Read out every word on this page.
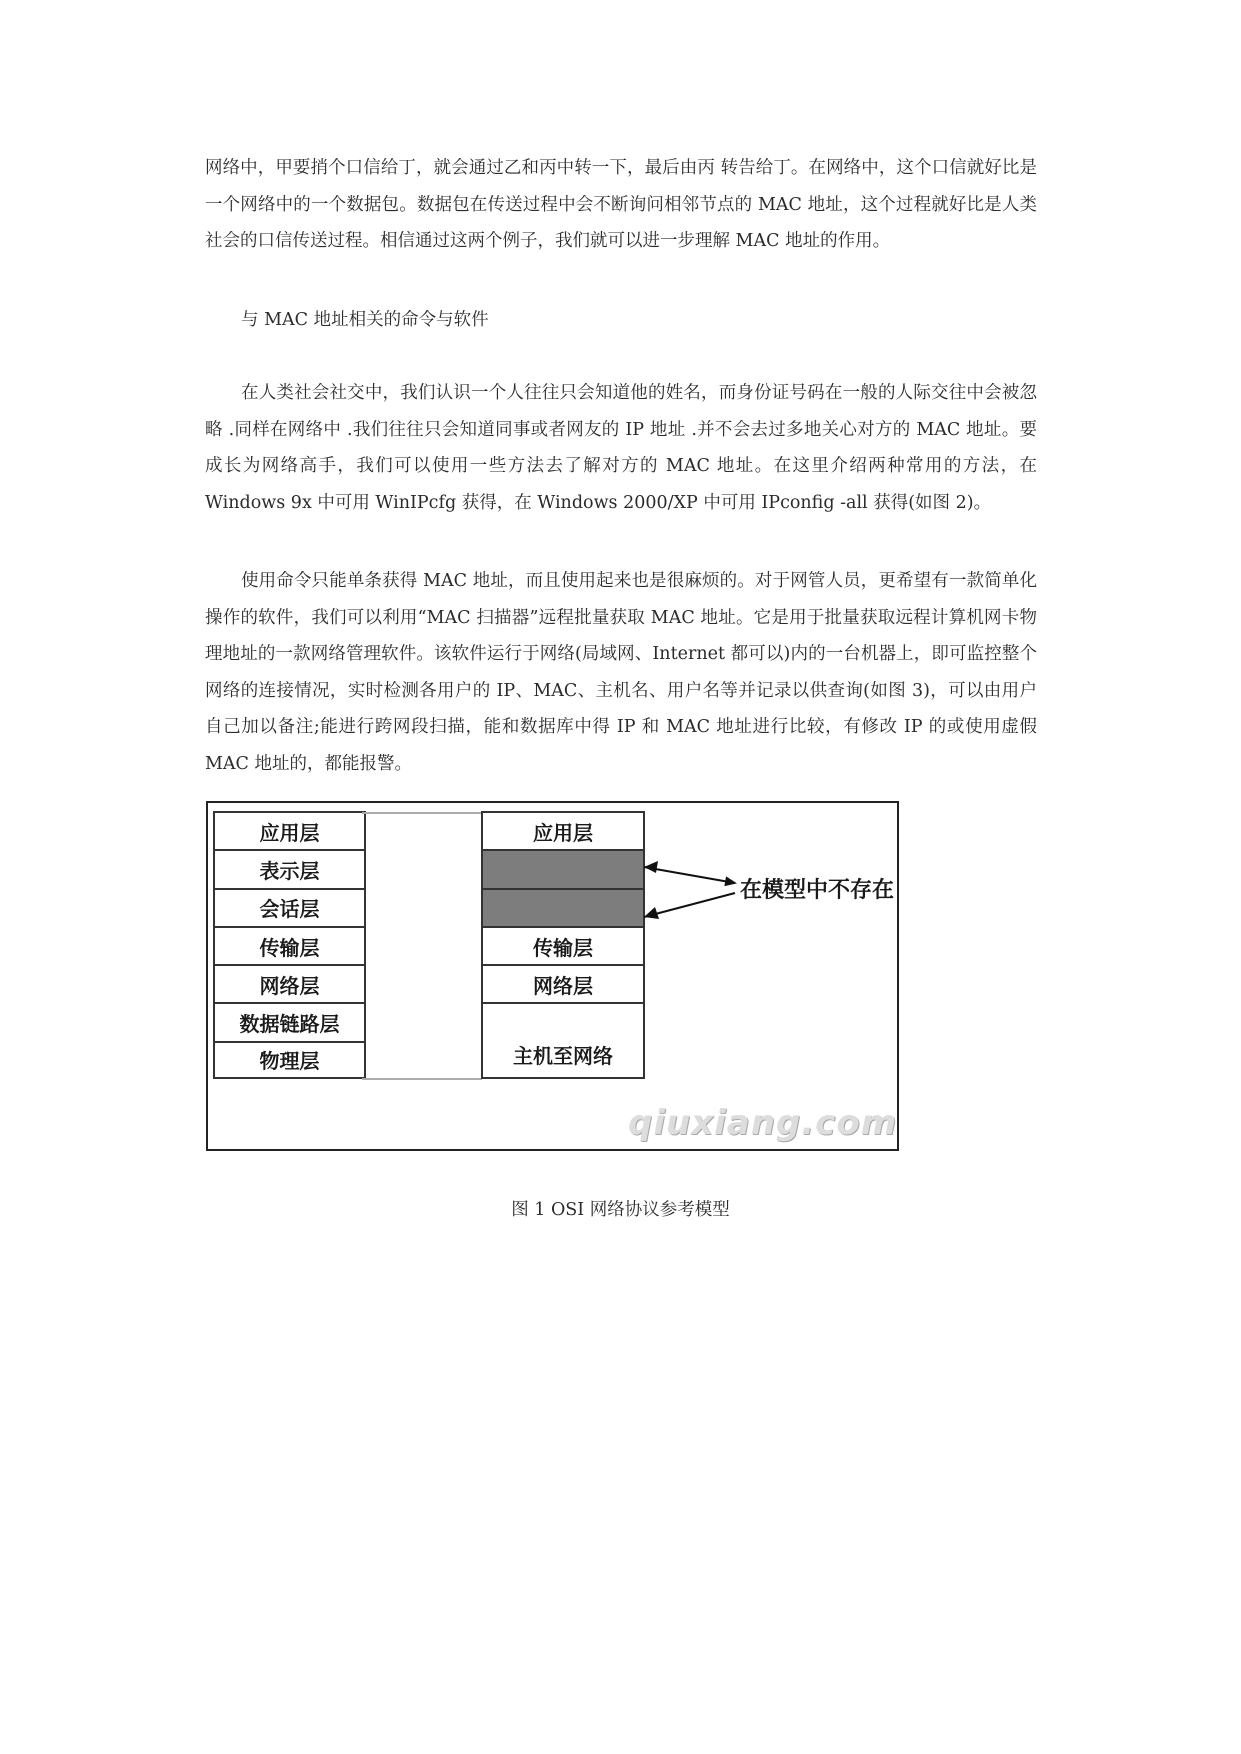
网络中，甲要捎个口信给丁，就会通过乙和丙中转一下，最后由丙 转告给丁。在网络中，这个口信就好比是一个网络中的一个数据包。数据包在传送过程中会不断询问相邻节点的 MAC 地址，这个过程就好比是人类社会的口信传送过程。相信通过这两个例子，我们就可以进一步理解 MAC 地址的作用。

与 MAC 地址相关的命令与软件

在人类社会社交中，我们认识一个人往往只会知道他的姓名，而身份证号码在一般的人际交往中会被忽略 .同样在网络中 .我们往往只会知道同事或者网友的 IP 地址 .并不会去过多地关心对方的 MAC 地址。要成长为网络高手，我们可以使用一些方法去了解对方的 MAC 地址。在这里介绍两种常用的方法，在 Windows 9x 中可用 WinIPcfg 获得，在 Windows 2000/XP 中可用 IPconfig -all 获得(如图 2)。

使用命令只能单条获得 MAC 地址，而且使用起来也是很麻烦的。对于网管人员，更希望有一款简单化操作的软件，我们可以利用“MAC 扫描器”远程批量获取 MAC 地址。它是用于批量获取远程计算机网卡物理地址的一款网络管理软件。该软件运行于网络(局域网、Internet 都可以)内的一台机器上，即可监控整个网络的连接情况，实时检测各用户的 IP、MAC、主机名、用户名等并记录以供查询(如图 3)，可以由用户自己加以备注;能进行跨网段扫描，能和数据库中得 IP 和 MAC 地址进行比较，有修改 IP 的或使用虚假 MAC 地址的，都能报警。

应用层
表示层
会话层
传输层
网络层
数据链路层
物理层
应用层
传输层
网络层
主机至网络
在模型中不存在
qiuxiang.com
图 1 OSI 网络协议参考模型
